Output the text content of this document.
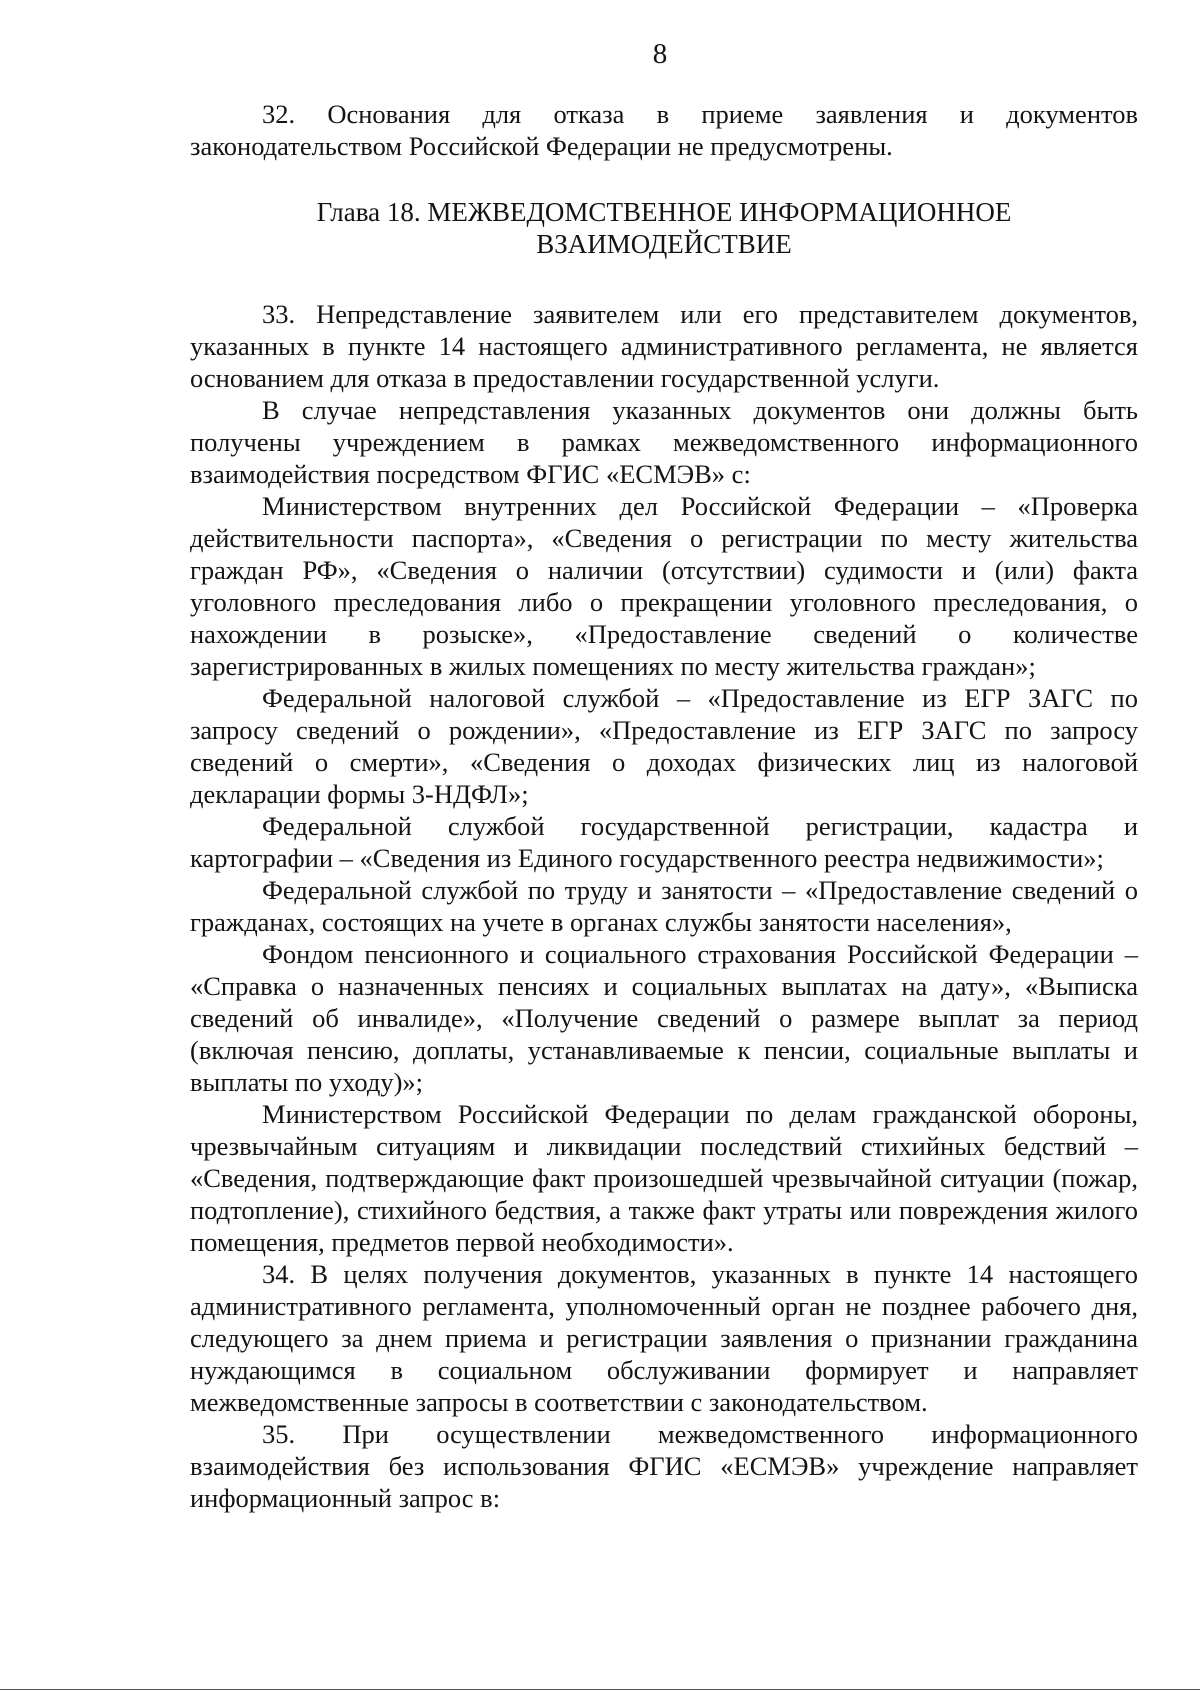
8

32. Основания для отказа в приеме заявления и документов законодательством Российской Федерации не предусмотрены.

Глава 18. МЕЖВЕДОМСТВЕННОЕ ИНФОРМАЦИОННОЕ
ВЗАИМОДЕЙСТВИЕ

33. Непредставление заявителем или его представителем документов, указанных в пункте 14 настоящего административного регламента, не является основанием для отказа в предоставлении государственной услуги.

В случае непредставления указанных документов они должны быть получены учреждением в рамках межведомственного информационного взаимодействия посредством ФГИС «ЕСМЭВ» с:

Министерством внутренних дел Российской Федерации – «Проверка действительности паспорта», «Сведения о регистрации по месту жительства граждан РФ», «Сведения о наличии (отсутствии) судимости и (или) факта уголовного преследования либо о прекращении уголовного преследования, о нахождении в розыске», «Предоставление сведений о количестве зарегистрированных в жилых помещениях по месту жительства граждан»;

Федеральной налоговой службой – «Предоставление из ЕГР ЗАГС по запросу сведений о рождении», «Предоставление из ЕГР ЗАГС по запросу сведений о смерти», «Сведения о доходах физических лиц из налоговой декларации формы 3-НДФЛ»;

Федеральной службой государственной регистрации, кадастра и картографии – «Сведения из Единого государственного реестра недвижимости»;

Федеральной службой по труду и занятости – «Предоставление сведений о гражданах, состоящих на учете в органах службы занятости населения»,

Фондом пенсионного и социального страхования Российской Федерации – «Справка о назначенных пенсиях и социальных выплатах на дату», «Выписка сведений об инвалиде», «Получение сведений о размере выплат за период (включая пенсию, доплаты, устанавливаемые к пенсии, социальные выплаты и выплаты по уходу)»;

Министерством Российской Федерации по делам гражданской обороны, чрезвычайным ситуациям и ликвидации последствий стихийных бедствий – «Сведения, подтверждающие факт произошедшей чрезвычайной ситуации (пожар, подтопление), стихийного бедствия, а также факт утраты или повреждения жилого помещения, предметов первой необходимости».

34. В целях получения документов, указанных в пункте 14 настоящего административного регламента, уполномоченный орган не позднее рабочего дня, следующего за днем приема и регистрации заявления о признании гражданина нуждающимся в социальном обслуживании формирует и направляет межведомственные запросы в соответствии с законодательством.

35. При осуществлении межведомственного информационного взаимодействия без использования ФГИС «ЕСМЭВ» учреждение направляет информационный запрос в:
